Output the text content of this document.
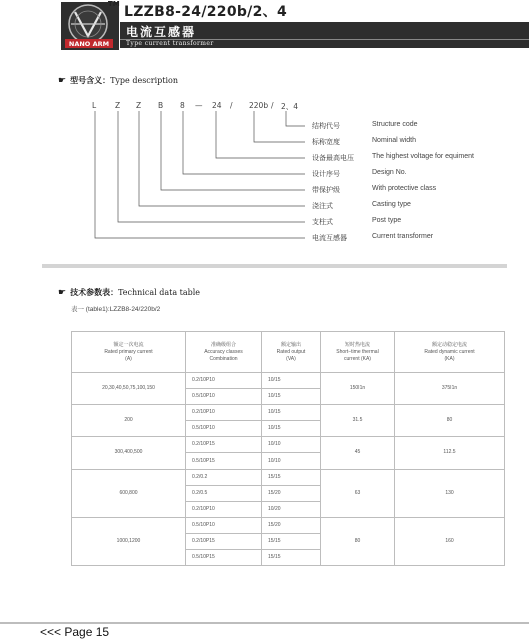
NANO ARM
TM LZZB8-24/220b/2、4
电流互感器
Type current transformer
☛ 型号含义：Type description
L	Z Z B 8 — 24 / 220b / 2、4
结构代号	Structure code
标称宽度	Nominal width
设备最高电压	The highest voltage for equiment
设计序号	Design No.
带保护级	With protective class
浇注式	Casting type
支柱式	Post type
电流互感器	Current transformer
☛ 技术参数表：Technical data table
表一 (table1):LZZB8-24/220b/2
额定一次电流
Rated primary current
(A)	准确级组合
Accuracy classes
Combination	额定输出
Rated output
(VA)	短时热电流
Short−time thermal
current (KA)	额定动稳定电流
Rated dynamic current
(KA)
20,30,40,50,75,100,150	0.2/10P10	10/15	150I1n	375I1n
	0.5/10P10	10/15		
200	0.2/10P10	10/15	31.5	80
	0.5/10P10	10/15		
300,400,500	0.2/10P15	10/10	45	112.5
	0.5/10P15	10/10		
600,800	0.2/0.2	15/15	63	130
	0.2/0.5	15/20		
	0.2/10P10	10/20		
1000,1200	0.5/10P10	15/20	80	160
	0.2/10P15	15/15		
	0.5/10P15	15/15		
<<< Page 15
